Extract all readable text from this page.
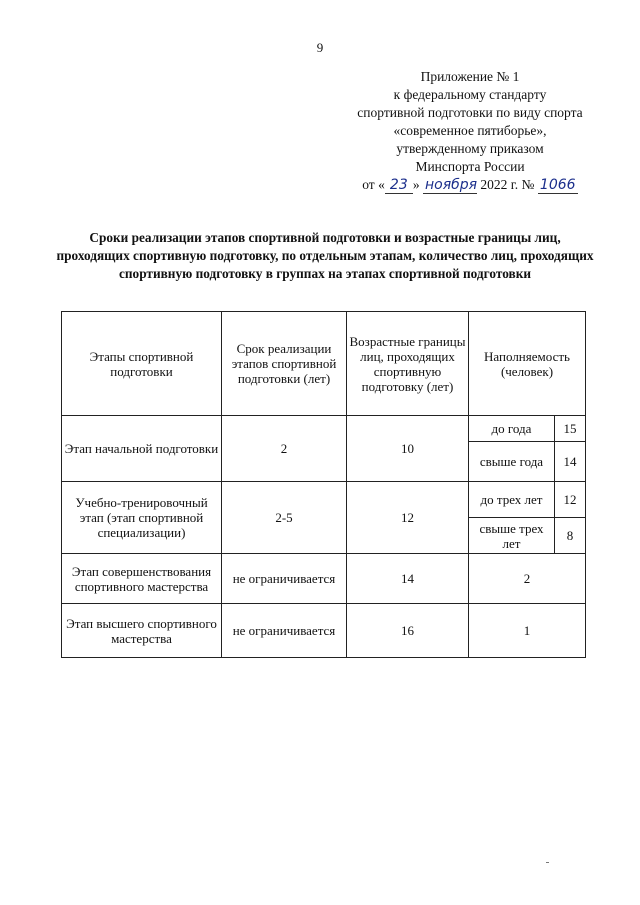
9
Приложение № 1
к федеральному стандарту
спортивной подготовки по виду спорта
«современное пятиборье»,
утвержденному приказом
Минспорта России
от « 23 » ноября 2022 г. № 1066
Сроки реализации этапов спортивной подготовки и возрастные границы лиц, проходящих спортивную подготовку, по отдельным этапам, количество лиц, проходящих спортивную подготовку в группах на этапах спортивной подготовки
Этапы спортивной подготовки	Срок реализации этапов спортивной подготовки (лет)	Возрастные границы лиц, проходящих спортивную подготовку (лет)	Наполняемость (человек)	
Этап начальной подготовки	2	10	до года	15
			свыше года	14
Учебно-тренировочный этап (этап спортивной специализации)	2-5	12	до трех лет	12
			свыше трех лет	8
Этап совершенствования спортивного мастерства	не ограничивается	14	2	
Этап высшего спортивного мастерства	не ограничивается	16	1	
